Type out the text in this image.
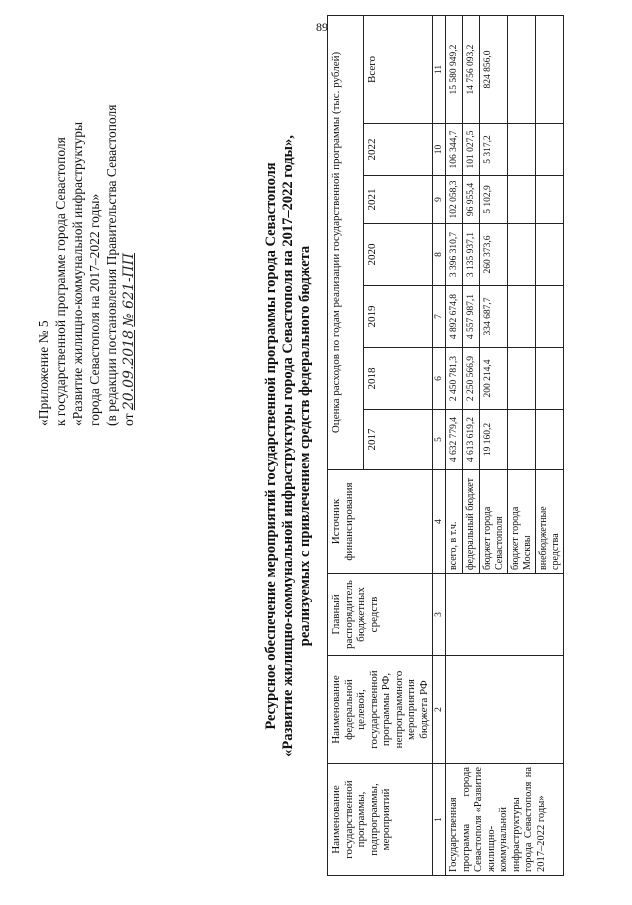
89
«Приложение № 5 к государственной программе города Севастополя «Развитие жилищно-коммунальной инфраструктуры города Севастополя на 2017–2022 годы» (в редакции постановления Правительства Севастополя от 20.09.2018 № 621-ПП	Ресурсное обеспечение мероприятий государственной программы города Севастополя «Развитие жилищно-коммунальной инфраструктуры города Севастополя на 2017–2022 годы», реализуемых с привлечением средств федерального бюджета
Наименование государственной программы, подпрограммы, мероприятий	Наименование федеральной целевой, государственной программы РФ, непрограммного мероприятия бюджета РФ	Главный распорядитель бюджетных средств	Источник финансирования	Оценка расходов по годам реализации государственной программы (тыс. рублей)						
				2017	2018	2019	2020	2021	2022	Всего
1	2	3	4	5	6	7	8	9	10	11
Государственная программа города Севастополя «Развитие жилищно-коммунальной инфраструктуры города Севастополя на 2017–2022 годы»			всего, в т.ч.	4 632 779,4	2 450 781,3	4 892 674,8	3 396 310,7	102 058,3	106 344,7	15 580 949,2
			федеральный бюджет	4 613 619,2	2 250 566,9	4 557 987,1	3 135 937,1	96 955,4	101 027,5	14 756 093,2
			бюджет города Севастополя	19 160,2	200 214,4	334 687,7	260 373,6	5 102,9	5 317,2	824 856,0
			бюджет города Москвы							
			внебюджетные средства							
